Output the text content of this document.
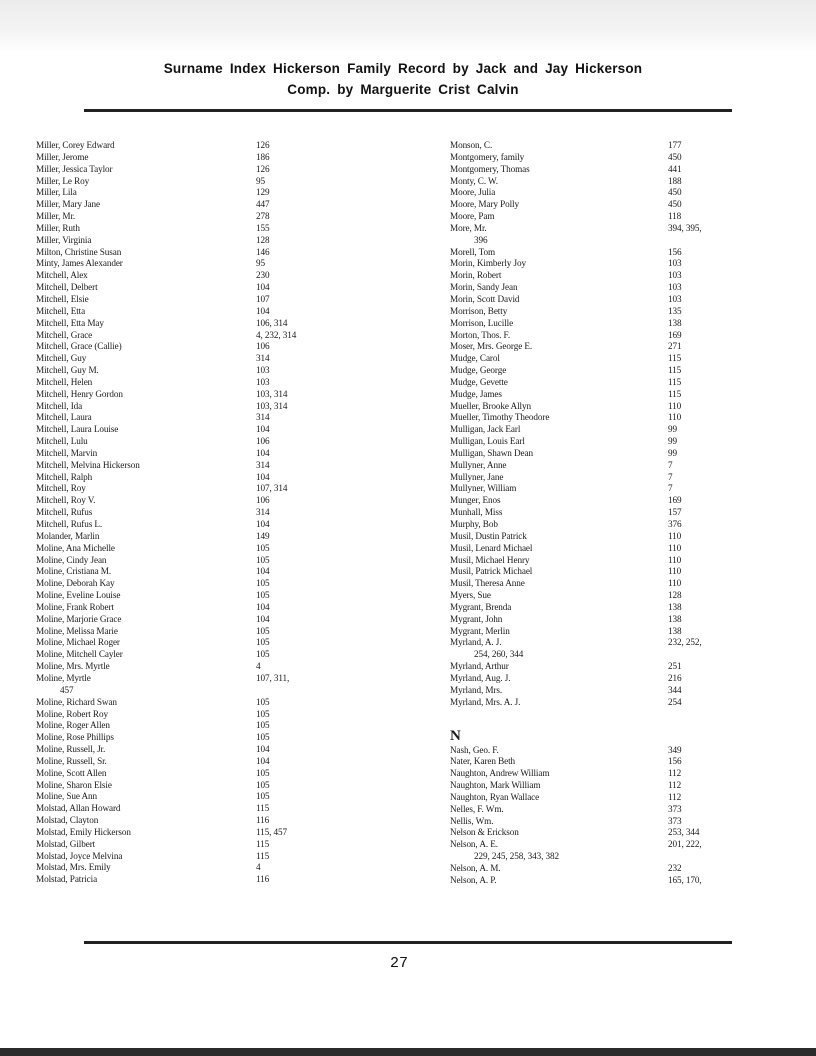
Surname Index Hickerson Family Record by Jack and Jay Hickerson
Comp. by Marguerite Crist Calvin
Miller, Corey Edward	126
Miller, Jerome	186
Miller, Jessica Taylor	126
Miller, Le Roy	95
Miller, Lila	129
Miller, Mary Jane	447
Miller, Mr.	278
Miller, Ruth	155
Miller, Virginia	128
Milton, Christine Susan	146
Minty, James Alexander	95
Mitchell, Alex	230
Mitchell, Delbert	104
Mitchell, Elsie	107
Mitchell, Etta	104
Mitchell, Etta May	106, 314
Mitchell, Grace	4, 232, 314
Mitchell, Grace (Callie)	106
Mitchell, Guy	314
Mitchell, Guy M.	103
Mitchell, Helen	103
Mitchell, Henry Gordon	103, 314
Mitchell, Ida	103, 314
Mitchell, Laura	314
Mitchell, Laura Louise	104
Mitchell, Lulu	106
Mitchell, Marvin	104
Mitchell, Melvina Hickerson	314
Mitchell, Ralph	104
Mitchell, Roy	107, 314
Mitchell, Roy V.	106
Mitchell, Rufus	314
Mitchell, Rufus L.	104
Molander, Marlin	149
Moline, Ana Michelle	105
Moline, Cindy Jean	105
Moline, Cristiana M.	104
Moline, Deborah Kay	105
Moline, Eveline Louise	105
Moline, Frank Robert	104
Moline, Marjorie Grace	104
Moline, Melissa Marie	105
Moline, Michael Roger	105
Moline, Mitchell Cayler	105
Moline, Mrs. Myrtle	4
Moline, Myrtle	107, 311,
457
Moline, Richard Swan	105
Moline, Robert Roy	105
Moline, Roger Allen	105
Moline, Rose Phillips	105
Moline, Russell, Jr.	104
Moline, Russell, Sr.	104
Moline, Scott Allen	105
Moline, Sharon Elsie	105
Moline, Sue Ann	105
Molstad, Allan Howard	115
Molstad, Clayton	116
Molstad, Emily Hickerson	115, 457
Molstad, Gilbert	115
Molstad, Joyce Melvina	115
Molstad, Mrs. Emily	4
Molstad, Patricia	116
Monson, C.	177
Montgomery, family	450
Montgomery, Thomas	441
Monty, C. W.	188
Moore, Julia	450
Moore, Mary Polly	450
Moore, Pam	118
More, Mr.	394, 395,
396
Morell, Tom	156
Morin, Kimberly Joy	103
Morin, Robert	103
Morin, Sandy Jean	103
Morin, Scott David	103
Morrison, Betty	135
Morrison, Lucille	138
Morton, Thos. F.	169
Moser, Mrs. George E.	271
Mudge, Carol	115
Mudge, George	115
Mudge, Gevette	115
Mudge, James	115
Mueller, Brooke Allyn	110
Mueller, Timothy Theodore	110
Mulligan, Jack Earl	99
Mulligan, Louis Earl	99
Mulligan, Shawn Dean	99
Mullyner, Anne	7
Mullyner, Jane	7
Mullyner, William	7
Munger, Enos	169
Munhall, Miss	157
Murphy, Bob	376
Musil, Dustin Patrick	110
Musil, Lenard Michael	110
Musil, Michael Henry	110
Musil, Patrick Michael	110
Musil, Theresa Anne	110
Myers, Sue	128
Mygrant, Brenda	138
Mygrant, John	138
Mygrant, Merlin	138
Myrland, A. J.	232, 252,
254, 260, 344
Myrland, Arthur	251
Myrland, Aug. J.	216
Myrland, Mrs.	344
Myrland, Mrs. A. J.	254
N
Nash, Geo. F.	349
Nater, Karen Beth	156
Naughton, Andrew William	112
Naughton, Mark William	112
Naughton, Ryan Wallace	112
Nelles, F. Wm.	373
Nellis, Wm.	373
Nelson & Erickson	253, 344
Nelson, A. E.	201, 222,
229, 245, 258, 343, 382
Nelson, A. M.	232
Nelson, A. P.	165, 170,
27
